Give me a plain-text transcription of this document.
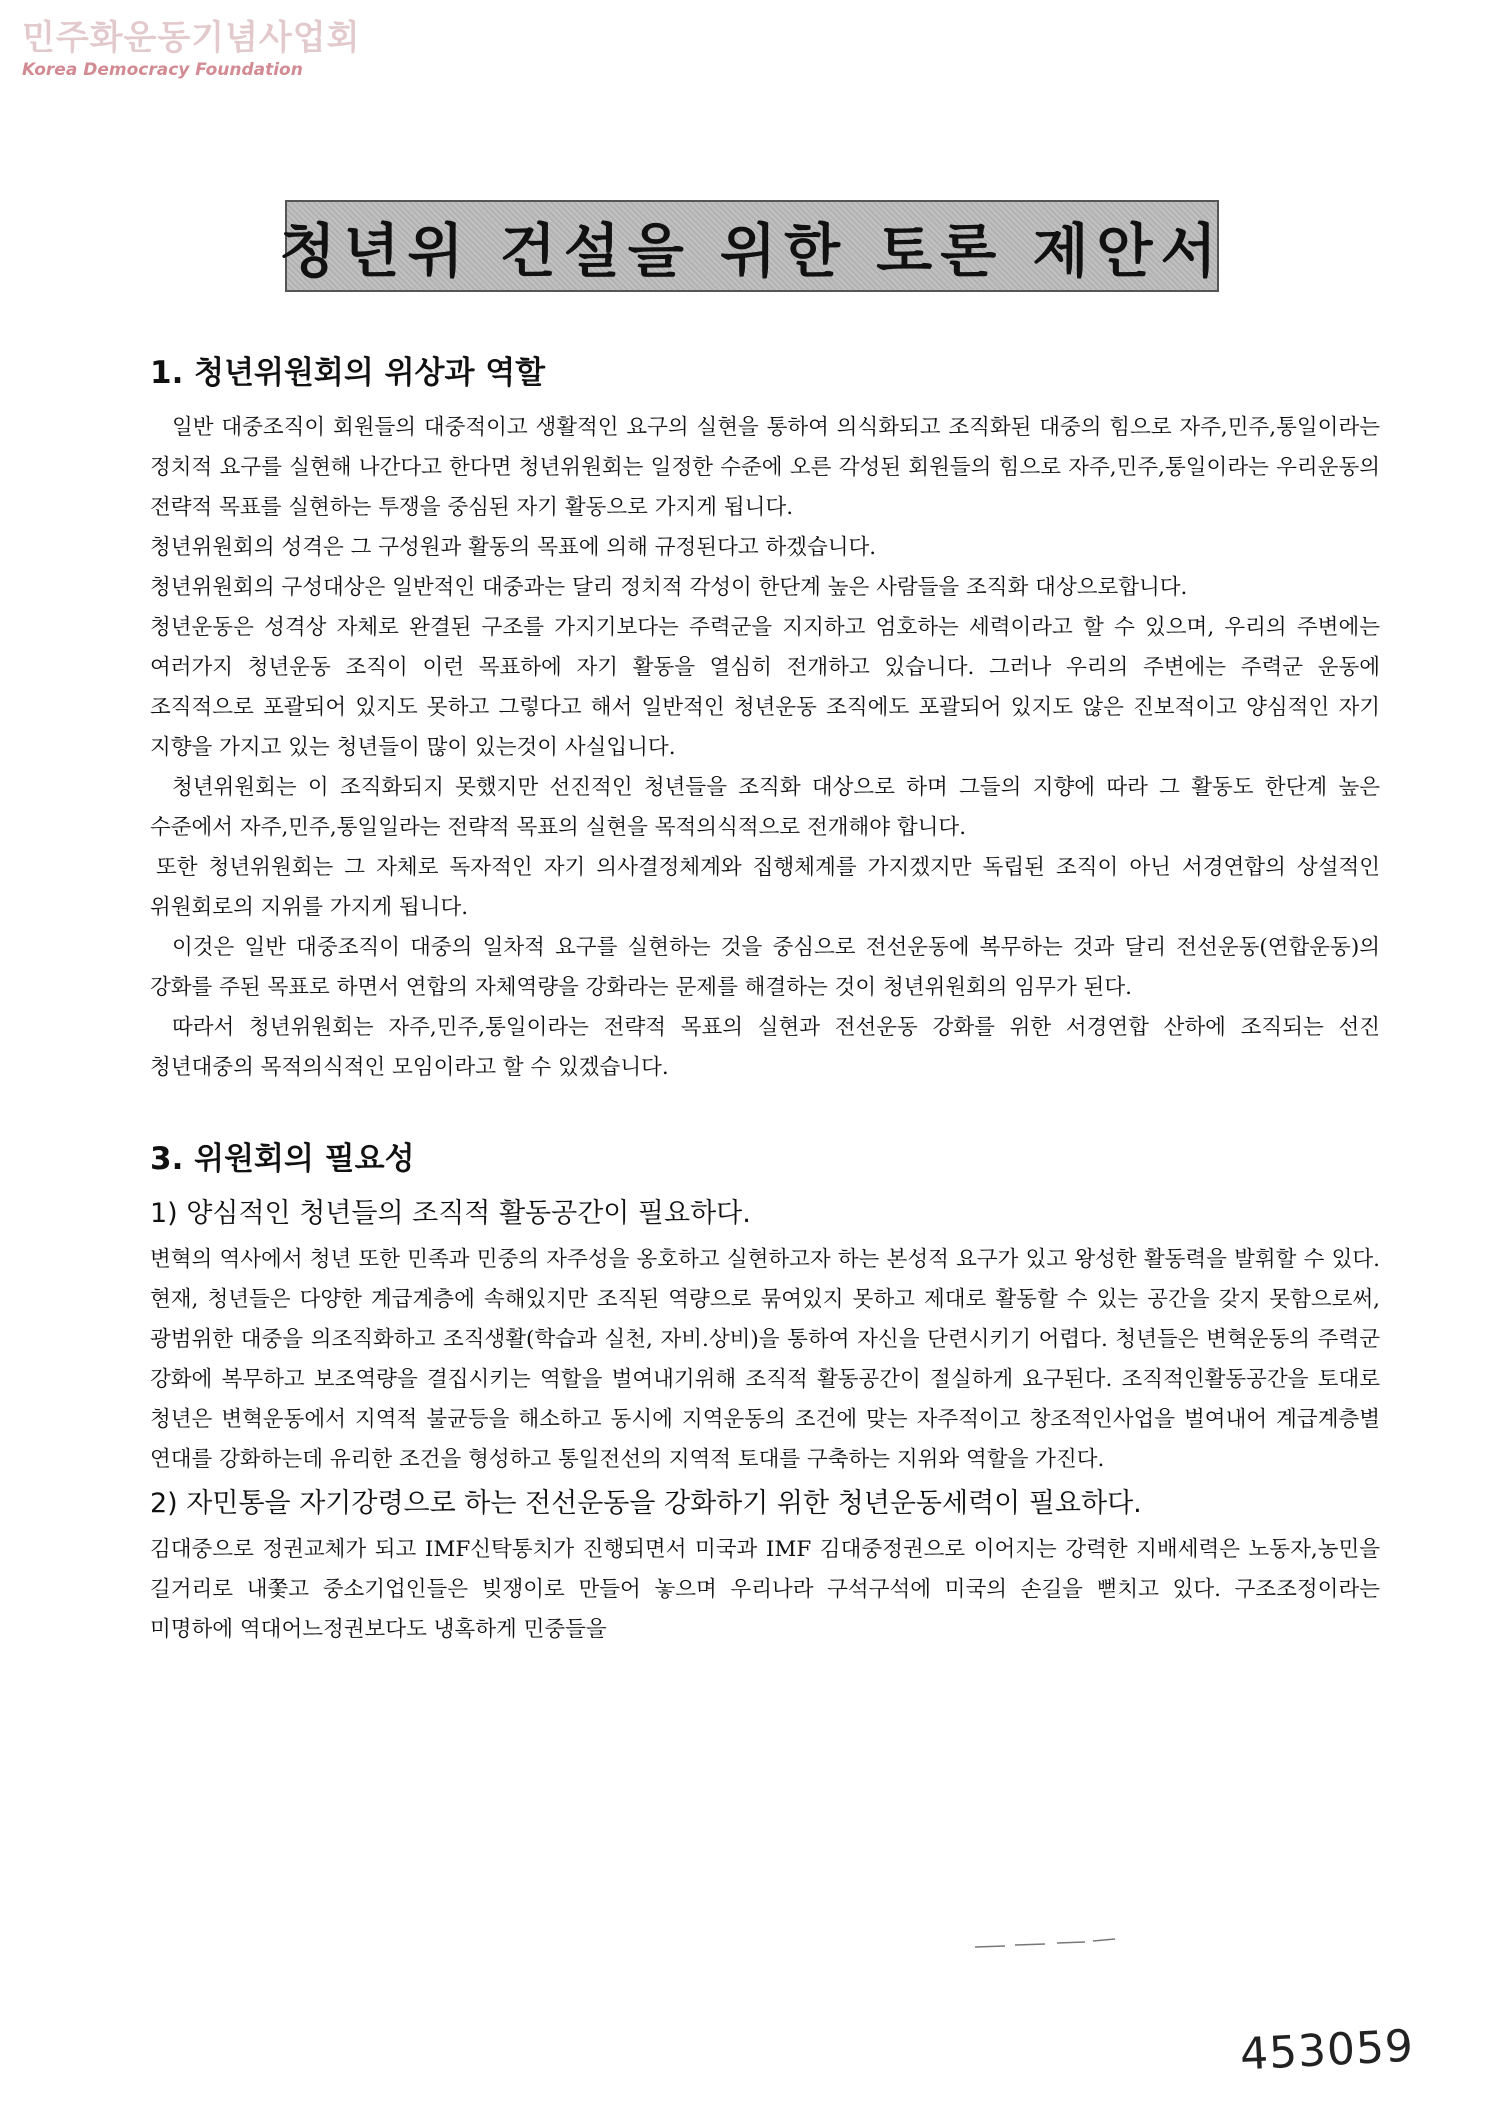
민주화운동기념사업회
Korea Democracy Foundation
청년위 건설을 위한 토론 제안서
1. 청년위원회의 위상과 역할

일반 대중조직이 회원들의 대중적이고 생활적인 요구의 실현을 통하여 의식화되고 조직화된 대중의 힘으로 자주,민주,통일이라는 정치적 요구를 실현해 나간다고 한다면 청년위원회는 일정한 수준에 오른 각성된 회원들의 힘으로 자주,민주,통일이라는 우리운동의 전략적 목표를 실현하는 투쟁을 중심된 자기 활동으로 가지게 됩니다.

청년위원회의 성격은 그 구성원과 활동의 목표에 의해 규정된다고 하겠습니다.

청년위원회의 구성대상은 일반적인 대중과는 달리 정치적 각성이 한단계 높은 사람들을 조직화 대상으로합니다.

청년운동은 성격상 자체로 완결된 구조를 가지기보다는 주력군을 지지하고 엄호하는 세력이라고 할 수 있으며, 우리의 주변에는 여러가지 청년운동 조직이 이런 목표하에 자기 활동을 열심히 전개하고 있습니다. 그러나 우리의 주변에는 주력군 운동에 조직적으로 포괄되어 있지도 못하고 그렇다고 해서 일반적인 청년운동 조직에도 포괄되어 있지도 않은 진보적이고 양심적인 자기 지향을 가지고 있는 청년들이 많이 있는것이 사실입니다.

청년위원회는 이 조직화되지 못했지만 선진적인 청년들을 조직화 대상으로 하며 그들의 지향에 따라 그 활동도 한단계 높은 수준에서 자주,민주,통일일라는 전략적 목표의 실현을 목적의식적으로 전개해야 합니다.

또한 청년위원회는 그 자체로 독자적인 자기 의사결정체계와 집행체계를 가지겠지만 독립된 조직이 아닌 서경연합의 상설적인 위원회로의 지위를 가지게 됩니다.

이것은 일반 대중조직이 대중의 일차적 요구를 실현하는 것을 중심으로 전선운동에 복무하는 것과 달리 전선운동(연합운동)의 강화를 주된 목표로 하면서 연합의 자체역량을 강화라는 문제를 해결하는 것이 청년위원회의 임무가 된다.

따라서 청년위원회는 자주,민주,통일이라는 전략적 목표의 실현과 전선운동 강화를 위한 서경연합 산하에 조직되는 선진 청년대중의 목적의식적인 모임이라고 할 수 있겠습니다.

3. 위원회의 필요성
1) 양심적인 청년들의 조직적 활동공간이 필요하다.

변혁의 역사에서 청년 또한 민족과 민중의 자주성을 옹호하고 실현하고자 하는 본성적 요구가 있고 왕성한 활동력을 발휘할 수 있다. 현재, 청년들은 다양한 계급계층에 속해있지만 조직된 역량으로 묶여있지 못하고 제대로 활동할 수 있는 공간을 갖지 못함으로써, 광범위한 대중을 의조직화하고 조직생활(학습과 실천, 자비.상비)을 통하여 자신을 단련시키기 어렵다. 청년들은 변혁운동의 주력군 강화에 복무하고 보조역량을 결집시키는 역할을 벌여내기위해 조직적 활동공간이 절실하게 요구된다. 조직적인활동공간을 토대로 청년은 변혁운동에서 지역적 불균등을 해소하고 동시에 지역운동의 조건에 맞는 자주적이고 창조적인사업을 벌여내어 계급계층별 연대를 강화하는데 유리한 조건을 형성하고 통일전선의 지역적 토대를 구축하는 지위와 역할을 가진다.

2) 자민통을 자기강령으로 하는 전선운동을 강화하기 위한 청년운동세력이 필요하다.

김대중으로 정권교체가 되고 IMF신탁통치가 진행되면서 미국과 IMF 김대중정권으로 이어지는 강력한 지배세력은 노동자,농민을 길거리로 내쫓고 중소기업인들은 빚쟁이로 만들어 놓으며 우리나라 구석구석에 미국의 손길을 뻗치고 있다. 구조조정이라는 미명하에 역대어느정권보다도 냉혹하게 민중들을

453059
